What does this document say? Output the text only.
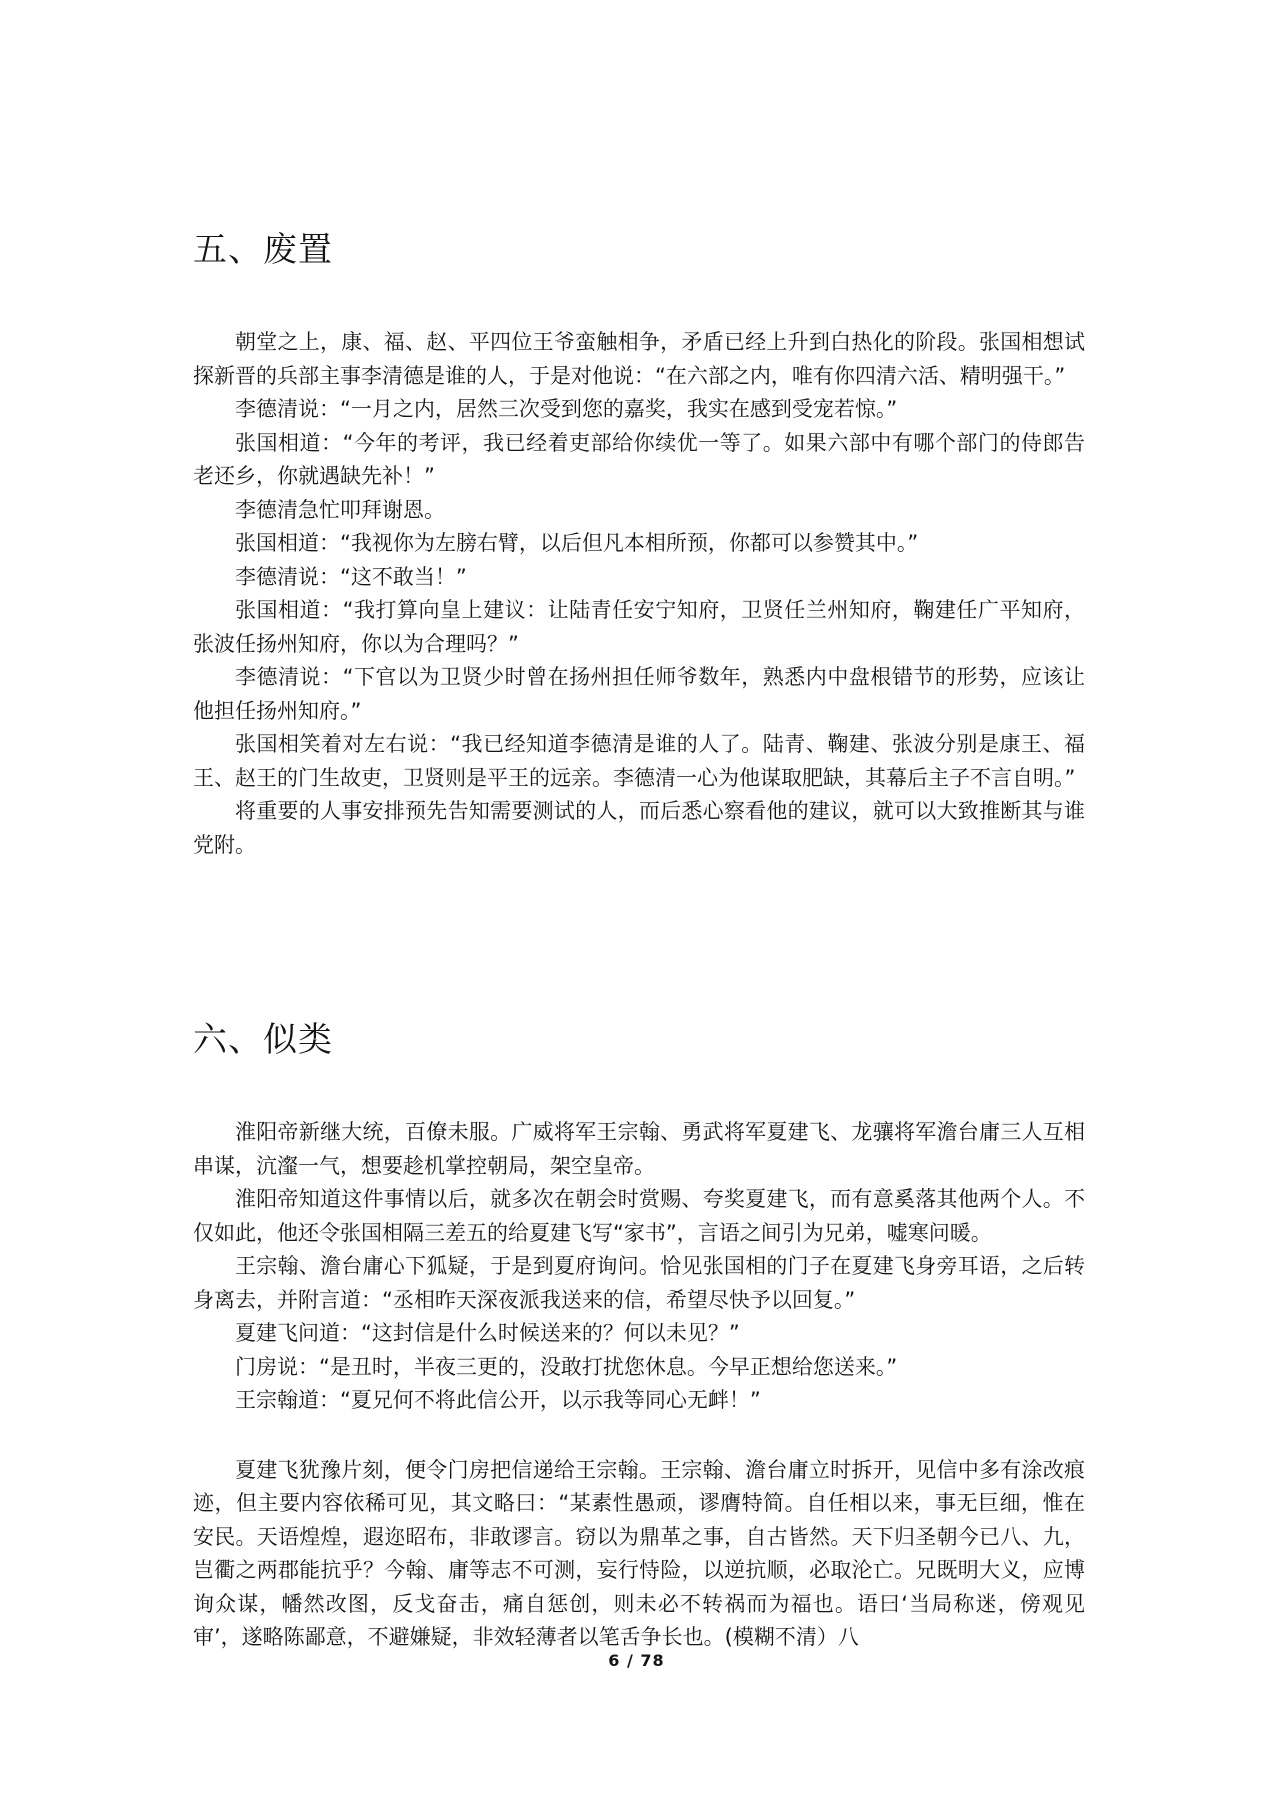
五、废置

朝堂之上，康、福、赵、平四位王爷蛮触相争，矛盾已经上升到白热化的阶段。张国相想试探新晋的兵部主事李清德是谁的人，于是对他说：“在六部之内，唯有你四清六活、精明强干。”

李德清说：“一月之内，居然三次受到您的嘉奖，我实在感到受宠若惊。”

张国相道：“今年的考评，我已经着吏部给你续优一等了。如果六部中有哪个部门的侍郎告老还乡，你就遇缺先补！”

李德清急忙叩拜谢恩。

张国相道：“我视你为左膀右臂，以后但凡本相所预，你都可以参赞其中。”

李德清说：“这不敢当！”

张国相道：“我打算向皇上建议：让陆青任安宁知府，卫贤任兰州知府，鞠建任广平知府，张波任扬州知府，你以为合理吗？”

李德清说：“下官以为卫贤少时曾在扬州担任师爷数年，熟悉内中盘根错节的形势，应该让他担任扬州知府。”

张国相笑着对左右说：“我已经知道李德清是谁的人了。陆青、鞠建、张波分别是康王、福王、赵王的门生故吏，卫贤则是平王的远亲。李德清一心为他谋取肥缺，其幕后主子不言自明。”

将重要的人事安排预先告知需要测试的人，而后悉心察看他的建议，就可以大致推断其与谁党附。

六、似类

淮阳帝新继大统，百僚未服。广威将军王宗翰、勇武将军夏建飞、龙骧将军澹台庸三人互相串谋，沆瀣一气，想要趁机掌控朝局，架空皇帝。

淮阳帝知道这件事情以后，就多次在朝会时赏赐、夸奖夏建飞，而有意奚落其他两个人。不仅如此，他还令张国相隔三差五的给夏建飞写“家书”，言语之间引为兄弟，嘘寒问暖。

王宗翰、澹台庸心下狐疑，于是到夏府询问。恰见张国相的门子在夏建飞身旁耳语，之后转身离去，并附言道：“丞相昨天深夜派我送来的信，希望尽快予以回复。”

夏建飞问道：“这封信是什么时候送来的？何以未见？”

门房说：“是丑时，半夜三更的，没敢打扰您休息。今早正想给您送来。”

王宗翰道：“夏兄何不将此信公开，以示我等同心无衅！”

夏建飞犹豫片刻，便令门房把信递给王宗翰。王宗翰、澹台庸立时拆开，见信中多有涂改痕迹，但主要内容依稀可见，其文略曰：“某素性愚顽，谬膺特简。自任相以来，事无巨细，惟在安民。天语煌煌，遐迩昭布，非敢谬言。窃以为鼎革之事，自古皆然。天下归圣朝今已八、九，岂衢之两郡能抗乎？今翰、庸等志不可测，妄行恃险，以逆抗顺，必取沦亡。兄既明大义，应博询众谋，幡然改图，反戈奋击，痛自惩创，则未必不转祸而为福也。语曰‘当局称迷，傍观见审’，遂略陈鄙意，不避嫌疑，非效轻薄者以笔舌争长也。(模糊不清）八

6 / 78
